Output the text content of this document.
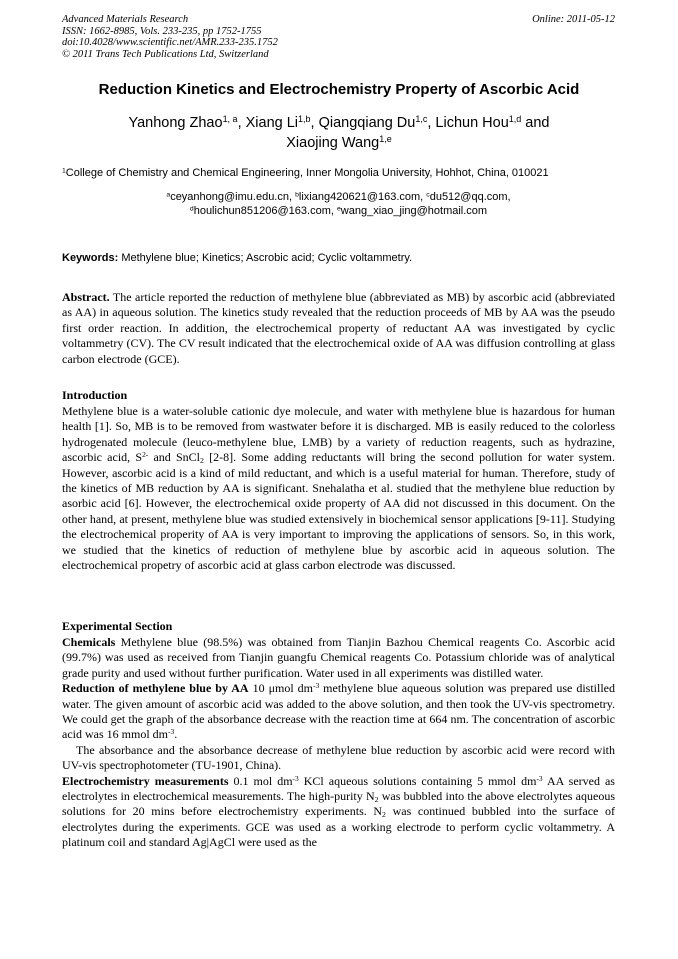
Advanced Materials Research
ISSN: 1662-8985, Vols. 233-235, pp 1752-1755
doi:10.4028/www.scientific.net/AMR.233-235.1752
© 2011 Trans Tech Publications Ltd, Switzerland
Online: 2011-05-12
Reduction Kinetics and Electrochemistry Property of Ascorbic Acid
Yanhong Zhao$^{1, a}$, Xiang Li$^{1,b}$, Qiangqiang Du$^{1,c}$, Lichun Hou$^{1,d}$ and
Xiaojing Wang$^{1,e}$
$^1$College of Chemistry and Chemical Engineering, Inner Mongolia University, Hohhot, China, 010021
$^a$ceyanhong@imu.edu.cn, $^b$lixiang420621@163.com, $^c$du512@qq.com,
$^d$houlichun851206@163.com, $^e$wang_xiao_jing@hotmail.com
Keywords: Methylene blue; Kinetics; Ascrobic acid; Cyclic voltammetry.
Abstract. The article reported the reduction of methylene blue (abbreviated as MB) by ascorbic acid (abbreviated as AA) in aqueous solution. The kinetics study revealed that the reduction proceeds of MB by AA was the pseudo first order reaction. In addition, the electrochemical property of reductant AA was investigated by cyclic voltammetry (CV). The CV result indicated that the electrochemical oxide of AA was diffusion controlling at glass carbon electrode (GCE).
Introduction
Methylene blue is a water-soluble cationic dye molecule, and water with methylene blue is hazardous for human health [1]. So, MB is to be removed from wastwater before it is discharged. MB is easily reduced to the colorless hydrogenated molecule (leuco-methylene blue, LMB) by a variety of reduction reagents, such as hydrazine, ascorbic acid, $S^{2-}$ and SnCl$_2$ [2-8]. Some adding reductants will bring the second pollution for water system. However, ascorbic acid is a kind of mild reductant, and which is a useful material for human. Therefore, study of the kinetics of MB reduction by AA is significant. Snehalatha et al. studied that the methylene blue reduction by asorbic acid [6]. However, the electrochemical oxide property of AA did not discussed in this document. On the other hand, at present, methylene blue was studied extensively in biochemical sensor applications [9-11]. Studying the electrochemical properity of AA is very important to improving the applications of sensors. So, in this work, we studied that the kinetics of reduction of methylene blue by ascorbic acid in aqueous solution. The electrochemical propetry of ascorbic acid at glass carbon electrode was discussed.
Experimental Section

Chemicals Methylene blue (98.5%) was obtained from Tianjin Bazhou Chemical reagents Co. Ascorbic acid (99.7%) was used as received from Tianjin guangfu Chemical reagents Co. Potassium chloride was of analytical grade purity and used without further purification. Water used in all experiments was distilled water.

Reduction of methylene blue by AA 10 μmol $dm^{-3}$ methylene blue aqueous solution was prepared use distilled water. The given amount of ascorbic acid was added to the above solution, and then took the UV-vis spectrometry. We could get the graph of the absorbance decrease with the reaction time at 664 nm. The concentration of ascorbic acid was 16 mmol $dm^{-3}$.

The absorbance and the absorbance decrease of methylene blue reduction by ascorbic acid were record with UV-vis spectrophotometer (TU-1901, China).

Electrochemistry measurements 0.1 mol $dm^{-3}$ KCl aqueous solutions containing 5 mmol $dm^{-3}$ AA served as electrolytes in electrochemical measurements. The high-purity $N_2$ was bubbled into the above electrolytes aqueous solutions for 20 mins before electrochemistry experiments. $N_2$ was continued bubbled into the surface of electrolytes during the experiments. GCE was used as a working electrode to perform cyclic voltammetry. A platinum coil and standard Ag|AgCl were used as the
